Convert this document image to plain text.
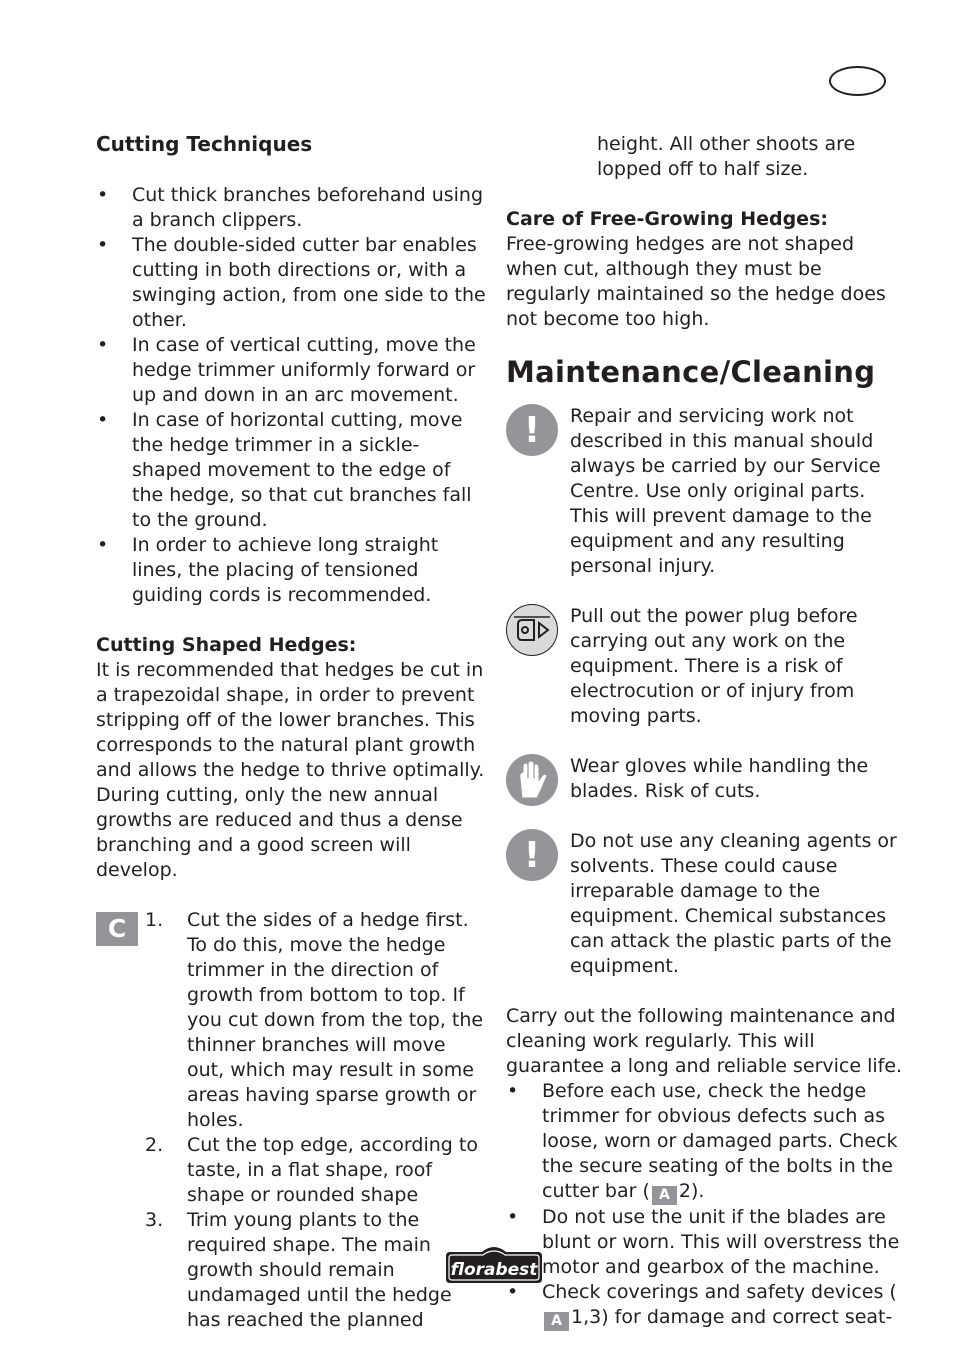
Cutting Techniques
• Cut thick branches beforehand using a branch clippers.
• The double-sided cutter bar enables cutting in both directions or, with a swinging action, from one side to the other.
• In case of vertical cutting, move the hedge trimmer uniformly forward or up and down in an arc movement.
• In case of horizontal cutting, move the hedge trimmer in a sickle-shaped movement to the edge of the hedge, so that cut branches fall to the ground.
• In order to achieve long straight lines, the placing of tensioned guiding cords is recommended.
Cutting Shaped Hedges:

It is recommended that hedges be cut in a trapezoidal shape, in order to prevent stripping off of the lower branches. This corresponds to the natural plant growth and allows the hedge to thrive optimally. During cutting, only the new annual growths are reduced and thus a dense branching and a good screen will develop.

C 1. Cut the sides of a hedge first. To do this, move the hedge trimmer in the direction of growth from bottom to top. If you cut down from the top, the thinner branches will move out, which may result in some areas having sparse growth or holes.
2. Cut the top edge, according to taste, in a flat shape, roof shape or rounded shape
3. Trim young plants to the required shape. The main growth should remain undamaged until the hedge has reached the planned

height. All other shoots are lopped off to half size.

Care of Free-Growing Hedges:

Free-growing hedges are not shaped when cut, although they must be regularly maintained so the hedge does not become too high.

Maintenance/Cleaning
!	Repair and servicing work not described in this manual should always be carried by our Service Centre. Use only original parts. This will prevent damage to the equipment and any resulting personal injury.

Pull out the power plug before carrying out any work on the equipment. There is a risk of electrocution or of injury from moving parts.

Wear gloves while handling the blades. Risk of cuts.

!	Do not use any cleaning agents or solvents. These could cause irreparable damage to the equipment. Chemical substances can attack the plastic parts of the equipment.

Carry out the following maintenance and cleaning work regularly. This will guarantee a long and reliable service life.

• Before each use, check the hedge trimmer for obvious defects such as loose, worn or damaged parts. Check the secure seating of the bolts in the cutter bar ( A 2).
• Do not use the unit if the blades are blunt or worn. This will overstress the motor and gearbox of the machine.
• Check coverings and safety devices (A 1,3) for damage and correct seat-
florabest
